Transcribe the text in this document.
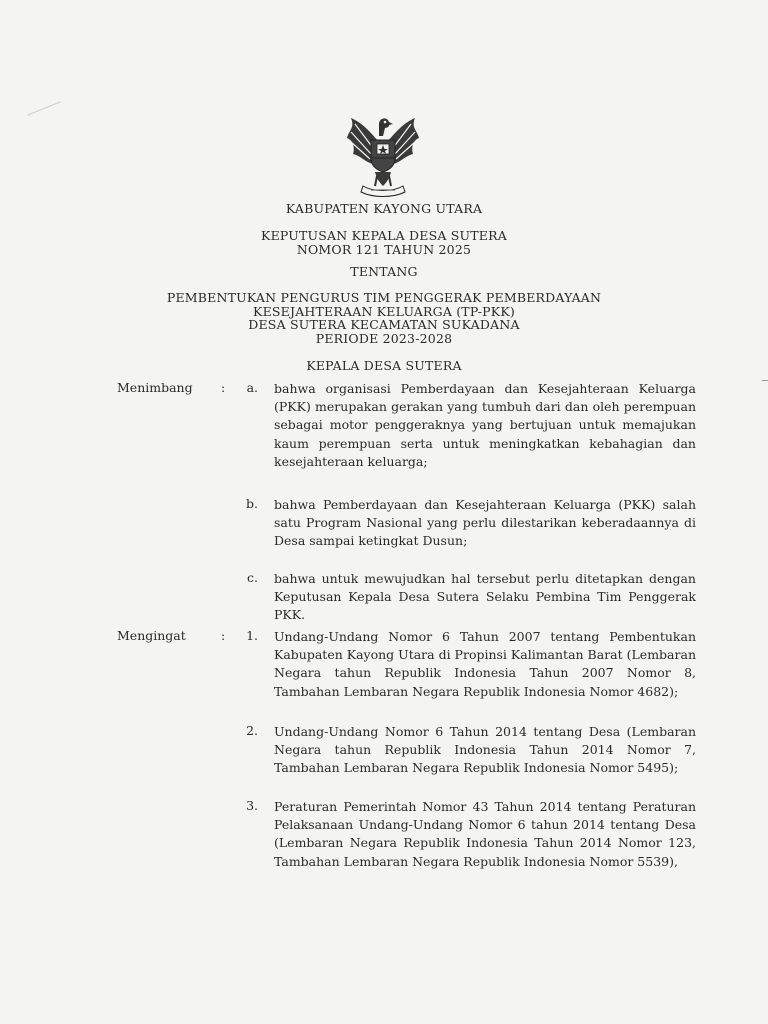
KABUPATEN KAYONG UTARA
KEPUTUSAN KEPALA DESA SUTERA
NOMOR 121 TAHUN 2025
TENTANG
PEMBENTUKAN PENGURUS TIM PENGGERAK PEMBERDAYAAN
KESEJAHTERAAN KELUARGA (TP-PKK)
DESA SUTERA KECAMATAN SUKADANA
PERIODE 2023-2028
KEPALA DESA SUTERA
Menimbang :	a. bahwa organisasi Pemberdayaan dan Kesejahteraan Keluarga (PKK) merupakan gerakan yang tumbuh dari dan oleh perempuan sebagai motor penggeraknya yang bertujuan untuk memajukan kaum perempuan serta untuk meningkatkan kebahagian dan kesejahteraan keluarga;
b. bahwa Pemberdayaan dan Kesejahteraan Keluarga (PKK) salah satu Program Nasional yang perlu dilestarikan keberadaannya di Desa sampai ketingkat Dusun;
c. bahwa untuk mewujudkan hal tersebut perlu ditetapkan dengan Keputusan Kepala Desa Sutera Selaku Pembina Tim Penggerak PKK.
Mengingat	:	1. Undang-Undang Nomor 6 Tahun 2007 tentang Pembentukan Kabupaten Kayong Utara di Propinsi Kalimantan Barat (Lembaran Negara tahun Republik Indonesia Tahun 2007 Nomor 8, Tambahan Lembaran Negara Republik Indonesia Nomor 4682);
2. Undang-Undang Nomor 6 Tahun 2014 tentang Desa (Lembaran Negara tahun Republik Indonesia Tahun 2014 Nomor 7, Tambahan Lembaran Negara Republik Indonesia Nomor 5495);
3. Peraturan Pemerintah Nomor 43 Tahun 2014 tentang Peraturan Pelaksanaan Undang-Undang Nomor 6 tahun 2014 tentang Desa (Lembaran Negara Republik Indonesia Tahun 2014 Nomor 123, Tambahan Lembaran Negara Republik Indonesia Nomor 5539),
